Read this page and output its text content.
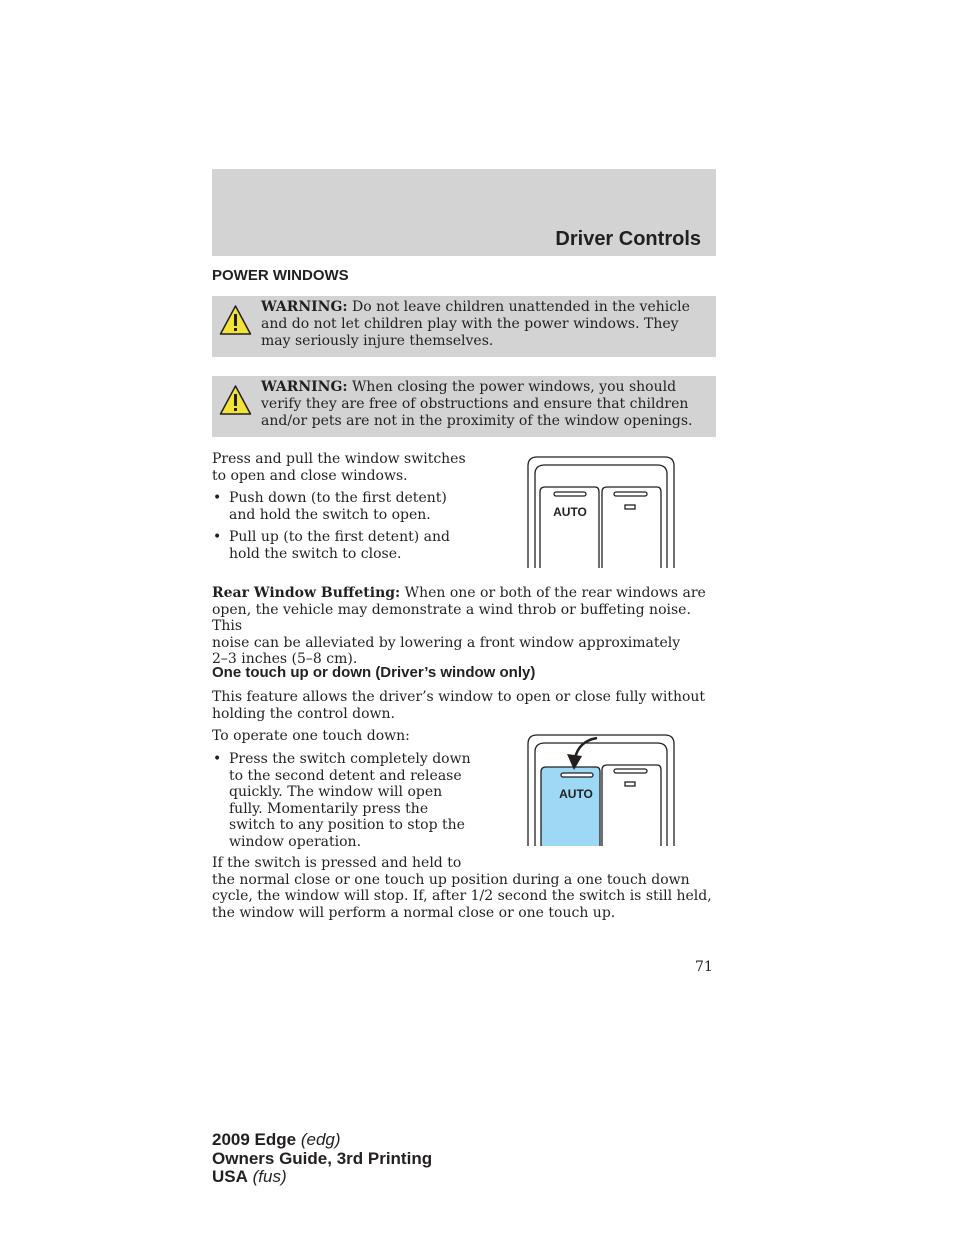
Driver Controls
POWER WINDOWS
WARNING: Do not leave children unattended in the vehicle and do not let children play with the power windows. They may seriously injure themselves.
WARNING: When closing the power windows, you should verify they are free of obstructions and ensure that children and/or pets are not in the proximity of the window openings.
Press and pull the window switches
to open and close windows.
• Push down (to the first detent)
and hold the switch to open.
• Pull up (to the first detent) and
hold the switch to close.
AUTO
Rear Window Buffeting: When one or both of the rear windows are
open, the vehicle may demonstrate a wind throb or buffeting noise. This
noise can be alleviated by lowering a front window approximately
2–3 inches (5–8 cm).
One touch up or down (Driver’s window only)
This feature allows the driver’s window to open or close fully without
holding the control down.
To operate one touch down:
• Press the switch completely down
to the second detent and release
quickly. The window will open
fully. Momentarily press the
switch to any position to stop the
window operation.
AUTO
If the switch is pressed and held to
the normal close or one touch up position during a one touch down
cycle, the window will stop. If, after 1/2 second the switch is still held,
the window will perform a normal close or one touch up.
71
2009 Edge (edg)
Owners Guide, 3rd Printing
USA (fus)
